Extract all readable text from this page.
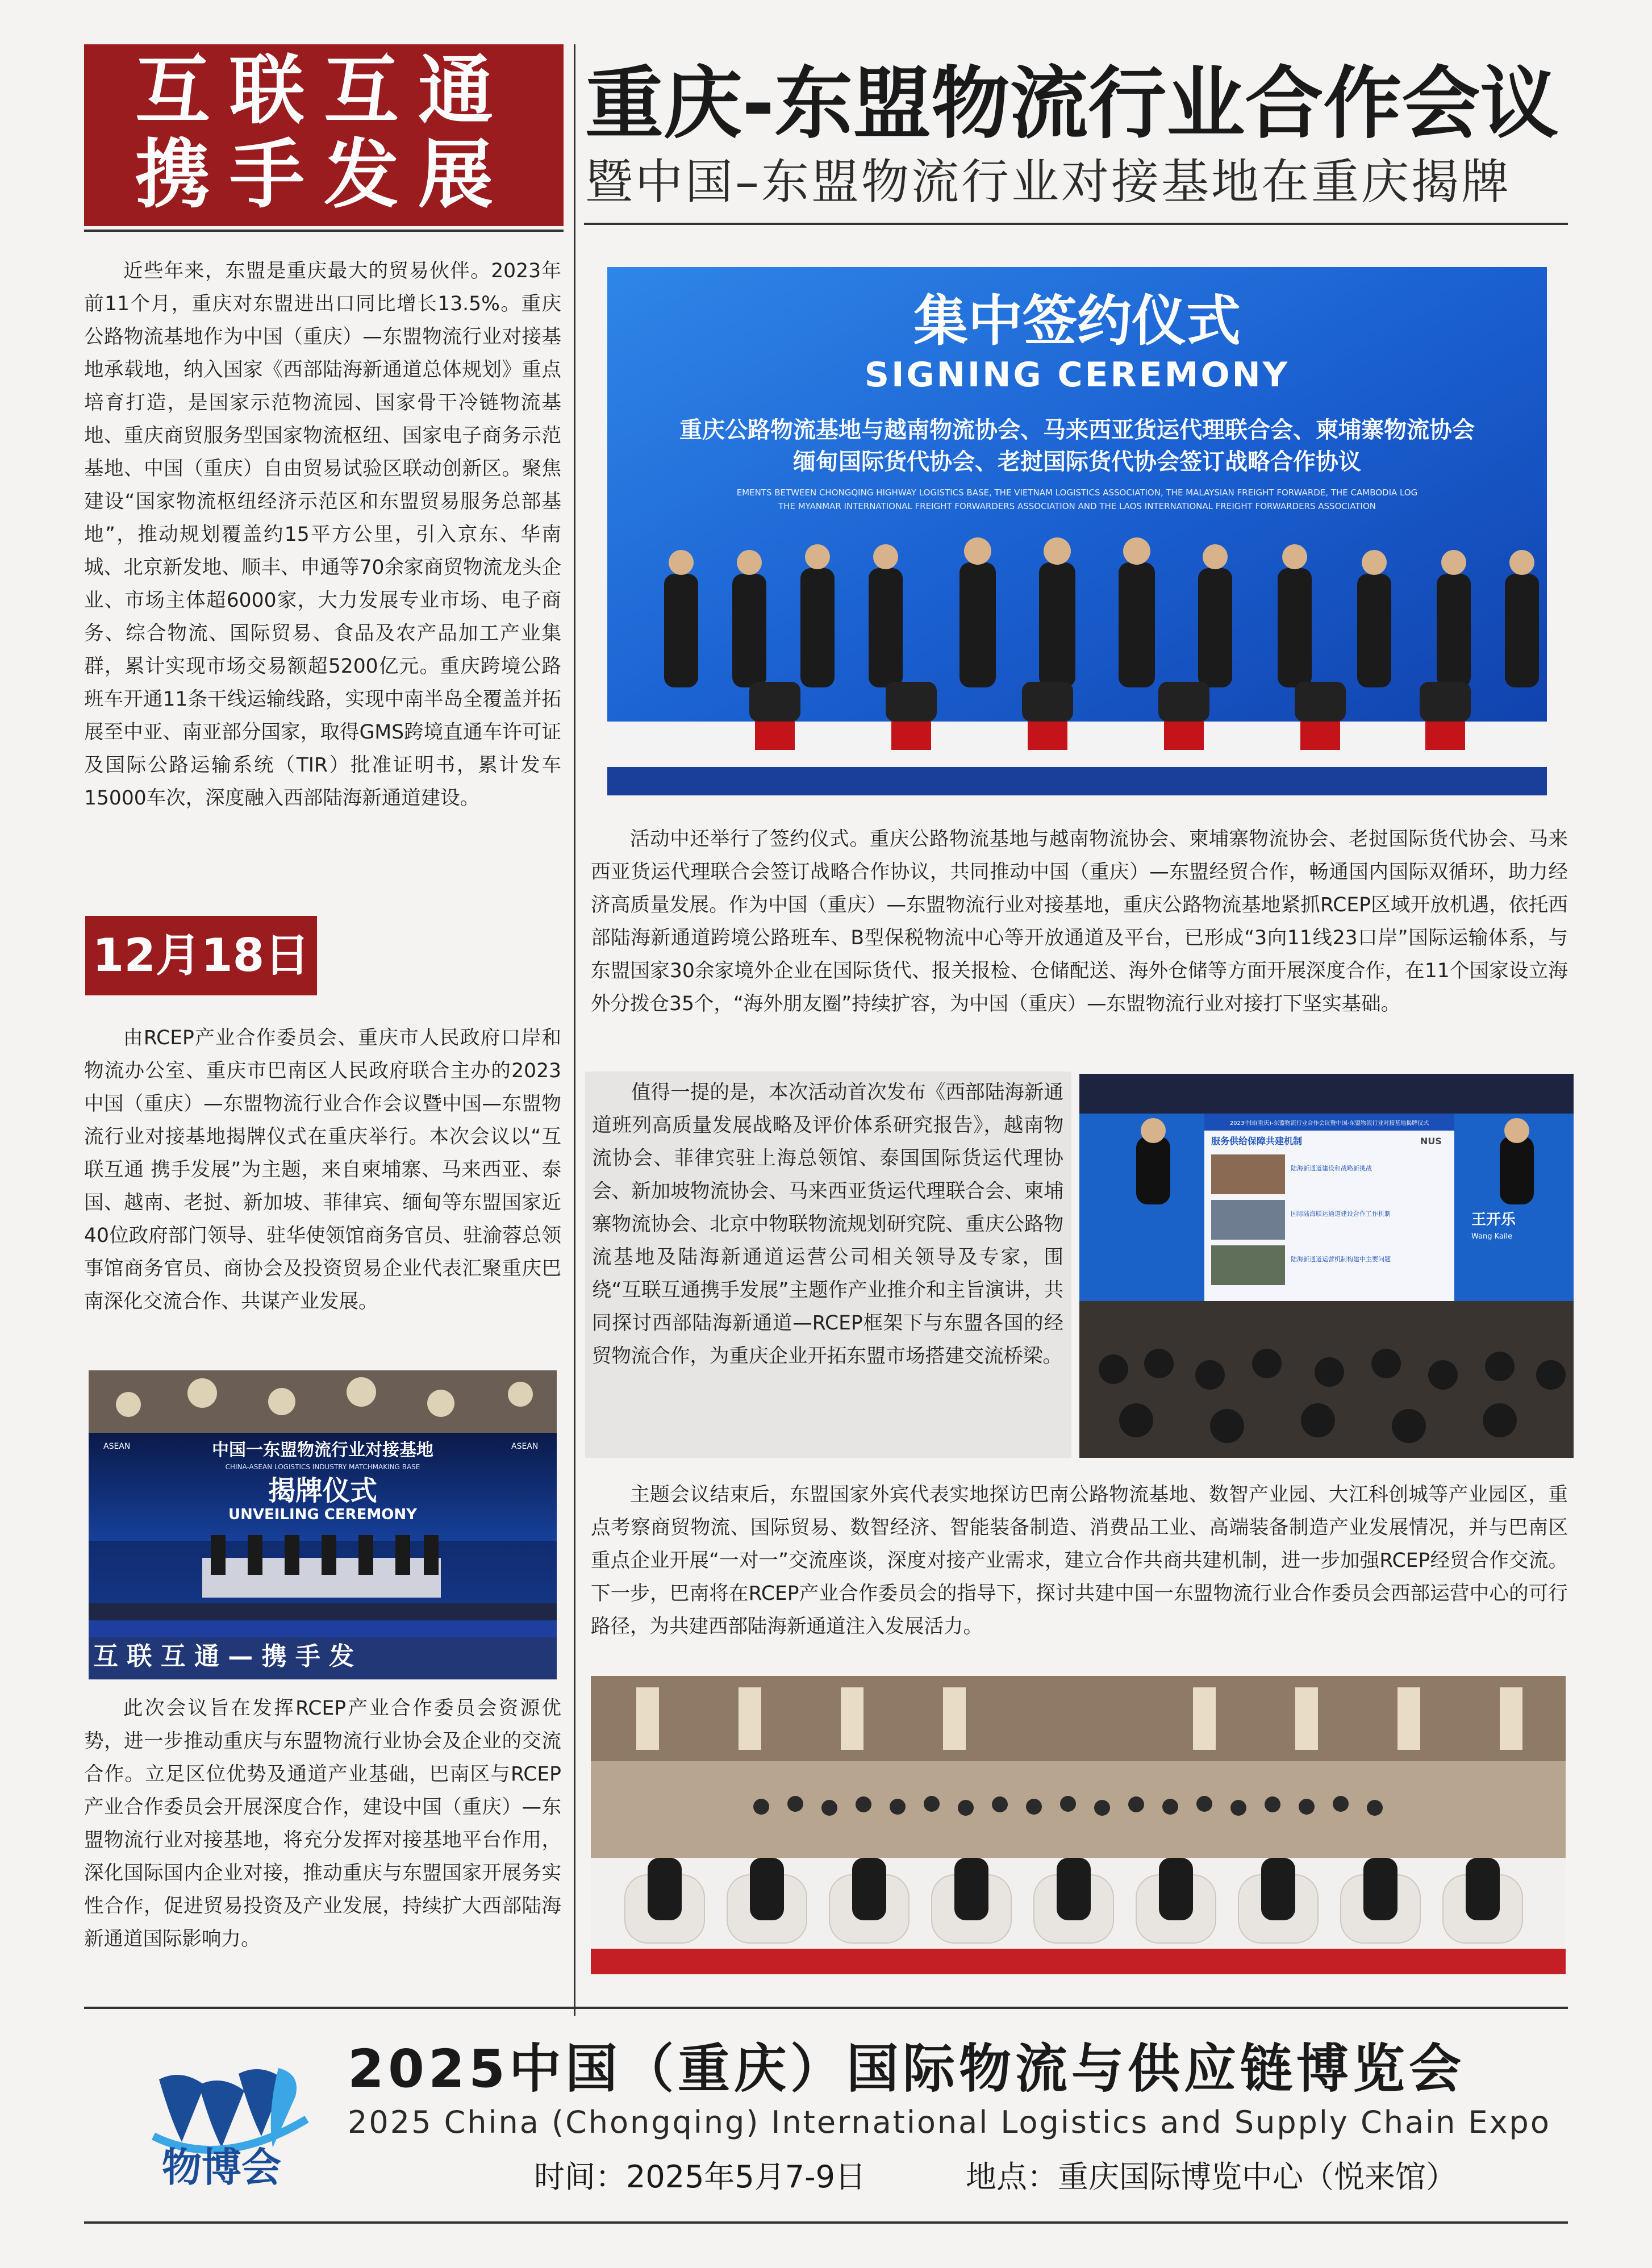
互联互通
携手发展
重庆-东盟物流行业合作会议
暨中国–东盟物流行业对接基地在重庆揭牌

近些年来，东盟是重庆最大的贸易伙伴。2023年前11个月，重庆对东盟进出口同比增长13.5%。重庆公路物流基地作为中国（重庆）—东盟物流行业对接基地承载地，纳入国家《西部陆海新通道总体规划》重点培育打造，是国家示范物流园、国家骨干冷链物流基地、重庆商贸服务型国家物流枢纽、国家电子商务示范基地、中国（重庆）自由贸易试验区联动创新区。聚焦建设“国家物流枢纽经济示范区和东盟贸易服务总部基地”，推动规划覆盖约15平方公里，引入京东、华南城、北京新发地、顺丰、申通等70余家商贸物流龙头企业、市场主体超6000家，大力发展专业市场、电子商务、综合物流、国际贸易、食品及农产品加工产业集群，累计实现市场交易额超5200亿元。重庆跨境公路班车开通11条干线运输线路，实现中南半岛全覆盖并拓展至中亚、南亚部分国家，取得GMS跨境直通车许可证及国际公路运输系统（TIR）批准证明书，累计发车15000车次，深度融入西部陆海新通道建设。

12月18日

由RCEP产业合作委员会、重庆市人民政府口岸和物流办公室、重庆市巴南区人民政府联合主办的2023中国（重庆）—东盟物流行业合作会议暨中国—东盟物流行业对接基地揭牌仪式在重庆举行。本次会议以“互联互通 携手发展”为主题，来自柬埔寨、马来西亚、泰国、越南、老挝、新加坡、菲律宾、缅甸等东盟国家近40位政府部门领导、驻华使领馆商务官员、驻渝蓉总领事馆商务官员、商协会及投资贸易企业代表汇聚重庆巴南深化交流合作、共谋产业发展。

ASEAN	ASEAN
中国一东盟物流行业对接基地
CHINA-ASEAN LOGISTICS INDUSTRY MATCHMAKING BASE
揭牌仪式
UNVEILING CEREMONY
互 联 互 通 — 携 手 发

此次会议旨在发挥RCEP产业合作委员会资源优势，进一步推动重庆与东盟物流行业协会及企业的交流合作。立足区位优势及通道产业基础，巴南区与RCEP产业合作委员会开展深度合作，建设中国（重庆）—东盟物流行业对接基地，将充分发挥对接基地平台作用，深化国际国内企业对接，推动重庆与东盟国家开展务实性合作，促进贸易投资及产业发展，持续扩大西部陆海新通道国际影响力。

集中签约仪式
SIGNING CEREMONY
重庆公路物流基地与越南物流协会、马来西亚货运代理联合会、柬埔寨物流协会
缅甸国际货代协会、老挝国际货代协会签订战略合作协议
EMENTS BETWEEN CHONGQING HIGHWAY LOGISTICS BASE, THE VIETNAM LOGISTICS ASSOCIATION, THE MALAYSIAN FREIGHT FORWARDE, THE CAMBODIA LOG
THE MYANMAR INTERNATIONAL FREIGHT FORWARDERS ASSOCIATION AND THE LAOS INTERNATIONAL FREIGHT FORWARDERS ASSOCIATION

活动中还举行了签约仪式。重庆公路物流基地与越南物流协会、柬埔寨物流协会、老挝国际货代协会、马来西亚货运代理联合会签订战略合作协议，共同推动中国（重庆）—东盟经贸合作，畅通国内国际双循环，助力经济高质量发展。作为中国（重庆）—东盟物流行业对接基地，重庆公路物流基地紧抓RCEP区域开放机遇，依托西部陆海新通道跨境公路班车、B型保税物流中心等开放通道及平台，已形成“3向11线23口岸”国际运输体系，与东盟国家30余家境外企业在国际货代、报关报检、仓储配送、海外仓储等方面开展深度合作，在11个国家设立海外分拨仓35个，“海外朋友圈”持续扩容，为中国（重庆）—东盟物流行业对接打下坚实基础。

值得一提的是，本次活动首次发布《西部陆海新通道班列高质量发展战略及评价体系研究报告》，越南物流协会、菲律宾驻上海总领馆、泰国国际货运代理协会、新加坡物流协会、马来西亚货运代理联合会、柬埔寨物流协会、北京中物联物流规划研究院、重庆公路物流基地及陆海新通道运营公司相关领导及专家，围绕“互联互通携手发展”主题作产业推介和主旨演讲，共同探讨西部陆海新通道—RCEP框架下与东盟各国的经贸物流合作，为重庆企业开拓东盟市场搭建交流桥梁。

2023中国(重庆)-东盟物流行业合作会议暨中国-东盟物流行业对接基地揭牌仪式
服务供给保障共建机制	NUS
陆海新通道建设和战略新挑战
国际陆海联运通道建设合作工作机制
陆海新通道运营机制构建中主要问题
王开乐
Wang Kaile

主题会议结束后，东盟国家外宾代表实地探访巴南公路物流基地、数智产业园、大江科创城等产业园区，重点考察商贸物流、国际贸易、数智经济、智能装备制造、消费品工业、高端装备制造产业发展情况，并与巴南区重点企业开展“一对一”交流座谈，深度对接产业需求，建立合作共商共建机制，进一步加强RCEP经贸合作交流。下一步，巴南将在RCEP产业合作委员会的指导下，探讨共建中国一东盟物流行业合作委员会西部运营中心的可行路径，为共建西部陆海新通道注入发展活力。

物博会
2025中国（重庆）国际物流与供应链博览会
2025 China (Chongqing) International Logistics and Supply Chain Expo
时间：2025年5月7-9日	地点：重庆国际博览中心（悦来馆）
